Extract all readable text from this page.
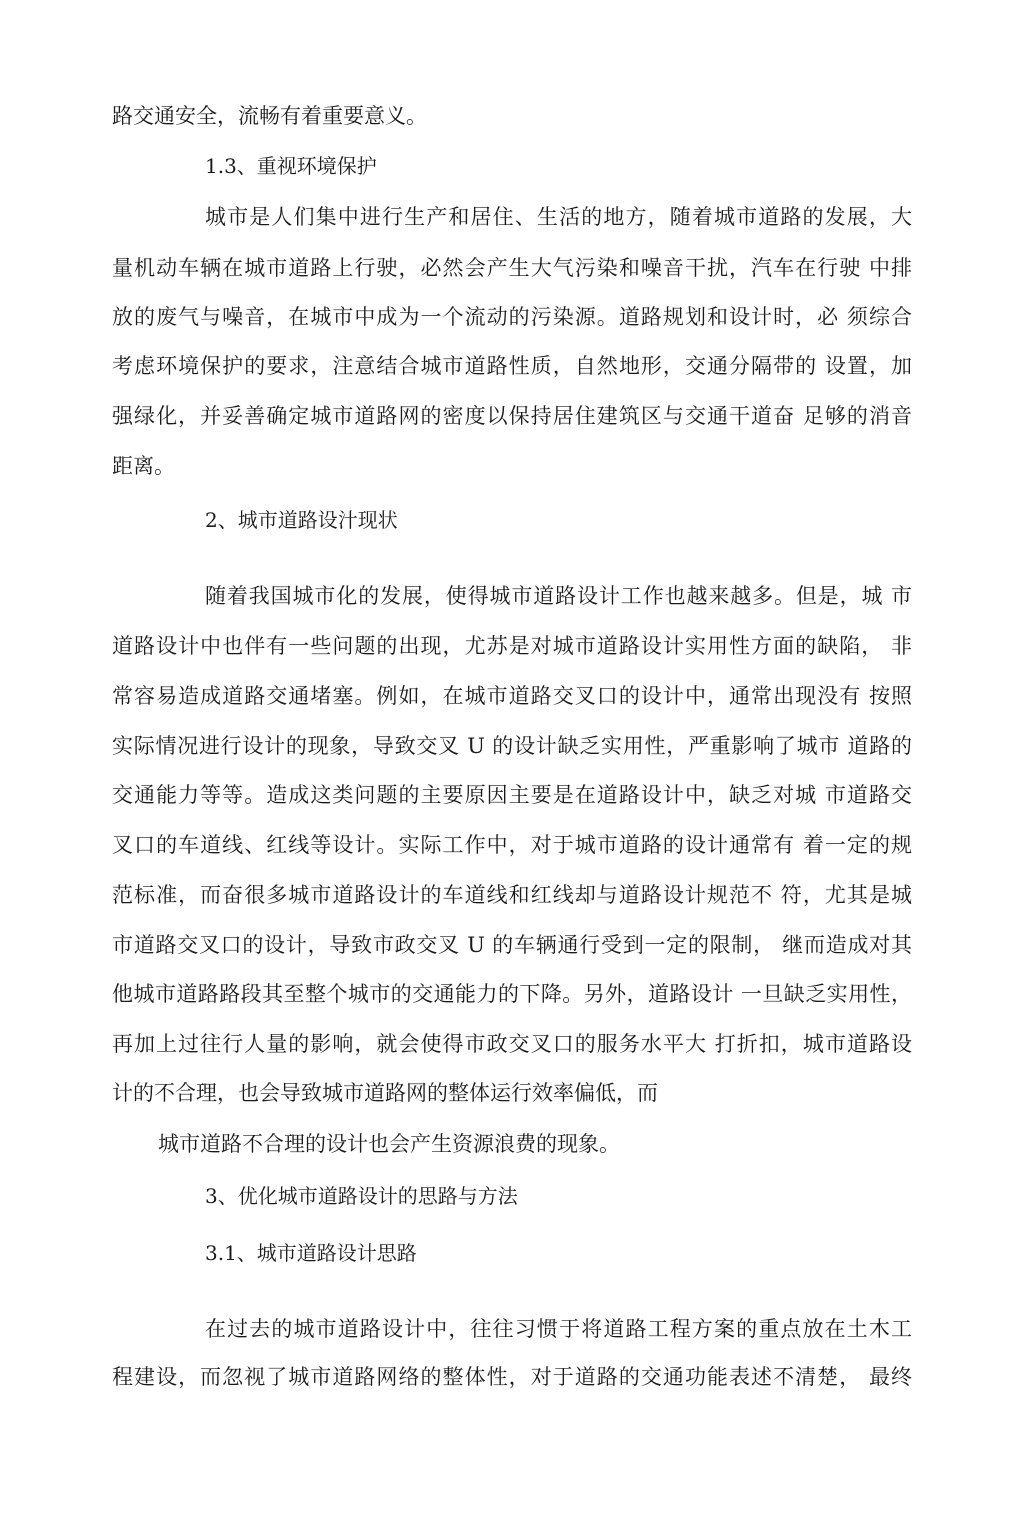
路交通安全，流畅有着重要意义。
1.3、重视环境保护
城市是人们集中进行生产和居住、生活的地方，随着城市道路的发展，大
量机动车辆在城市道路上行驶，必然会产生大气污染和噪音干扰，汽车在行驶 中排
放的废气与噪音，在城市中成为一个流动的污染源。道路规划和设计时，必 须综合
考虑环境保护的要求，注意结合城市道路性质，自然地形，交通分隔带的 设置，加
强绿化，并妥善确定城市道路网的密度以保持居住建筑区与交通干道奋 足够的消音
距离。
2、城市道路设汁现状
随着我国城市化的发展，使得城市道路设计工作也越来越多。但是，城 市
道路设计中也伴有一些问题的出现，尤苏是对城市道路设计实用性方面的缺陷， 非
常容易造成道路交通堵塞。例如，在城市道路交叉口的设计中，通常出现没有 按照
实际情况进行设计的现象，导致交叉 U 的设计缺乏实用性，严重影响了城市 道路的
交通能力等等。造成这类问题的主要原因主要是在道路设计中，缺乏对城 市道路交
叉口的车道线、红线等设计。实际工作中，对于城市道路的设计通常有 着一定的规
范标准，而奋很多城市道路设计的车道线和红线却与道路设计规范不 符，尤其是城
市道路交叉口的设计，导致市政交叉 U 的车辆通行受到一定的限制， 继而造成对其
他城市道路路段其至整个城市的交通能力的下降。另外，道路设计 一旦缺乏实用性，
再加上过往行人量的影响，就会使得市政交叉口的服务水平大 打折扣，城市道路设
计的不合理，也会导致城市道路网的整体运行效率偏低，而
城市道路不合理的设计也会产生资源浪费的现象。
3、优化城市道路设计的思路与方法
3.1、城市道路设计思路
在过去的城市道路设计中，往往习惯于将道路工程方案的重点放在土木工
程建设，而忽视了城市道路网络的整体性，对于道路的交通功能表述不清楚， 最终
